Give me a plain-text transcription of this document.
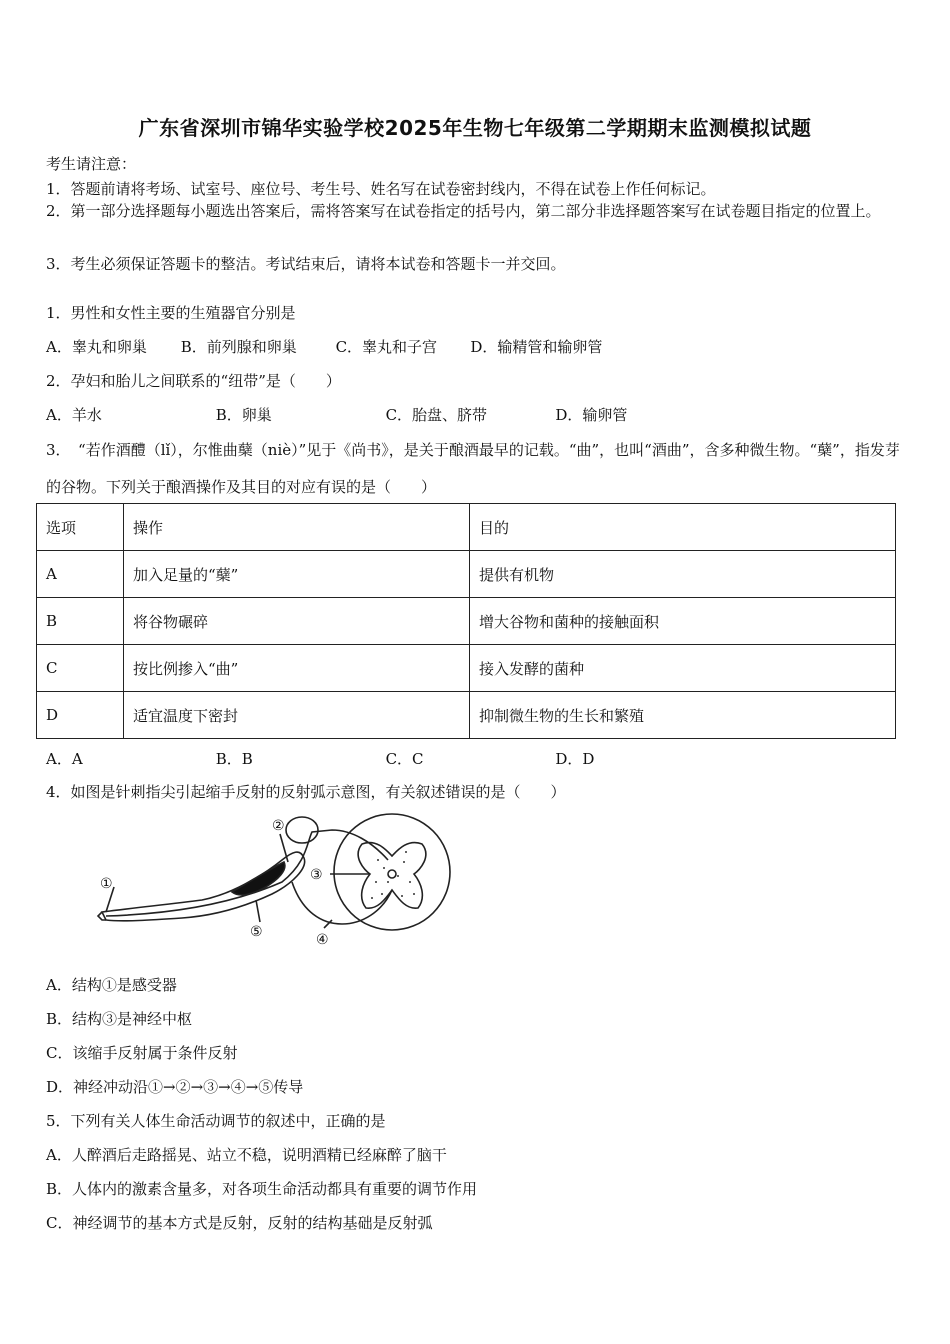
广东省深圳市锦华实验学校2025年生物七年级第二学期期末监测模拟试题
考生请注意：
1．答题前请将考场、试室号、座位号、考生号、姓名写在试卷密封线内，不得在试卷上作任何标记。
2．第一部分选择题每小题选出答案后，需将答案写在试卷指定的括号内，第二部分非选择题答案写在试卷题目指定的位置上。
3．考生必须保证答题卡的整洁。考试结束后，请将本试卷和答题卡一并交回。
1．男性和女性主要的生殖器官分别是
A．睾丸和卵巢 B．前列腺和卵巢	C．睾丸和子宫 D．输精管和输卵管
2．孕妇和胎儿之间联系的“纽带”是（　　）
A．羊水	B．卵巢	C．胎盘、脐带	D．输卵管
3．　“若作酒醴（lǐ），尔惟曲蘖（niè）”见于《尚书》，是关于酿酒最早的记载。“曲”，也叫“酒曲”，含多种微生物。“蘖”，指发芽的谷物。下列关于酿酒操作及其目的对应有误的是（　　）
选项	操作	目的
A	加入足量的“蘖”	提供有机物
B	将谷物碾碎	增大谷物和菌种的接触面积
C	按比例掺入“曲”	接入发酵的菌种
D	适宜温度下密封	抑制微生物的生长和繁殖
A．A	B．B	C．C	D．D
4．如图是针刺指尖引起缩手反射的反射弧示意图，有关叙述错误的是（　　）
①
②
③
④
⑤
A．结构①是感受器
B．结构③是神经中枢
C．该缩手反射属于条件反射
D．神经冲动沿①→②→③→④→⑤传导
5．下列有关人体生命活动调节的叙述中，正确的是
A．人醉酒后走路摇晃、站立不稳，说明酒精已经麻醉了脑干
B．人体内的激素含量多，对各项生命活动都具有重要的调节作用
C．神经调节的基本方式是反射，反射的结构基础是反射弧
